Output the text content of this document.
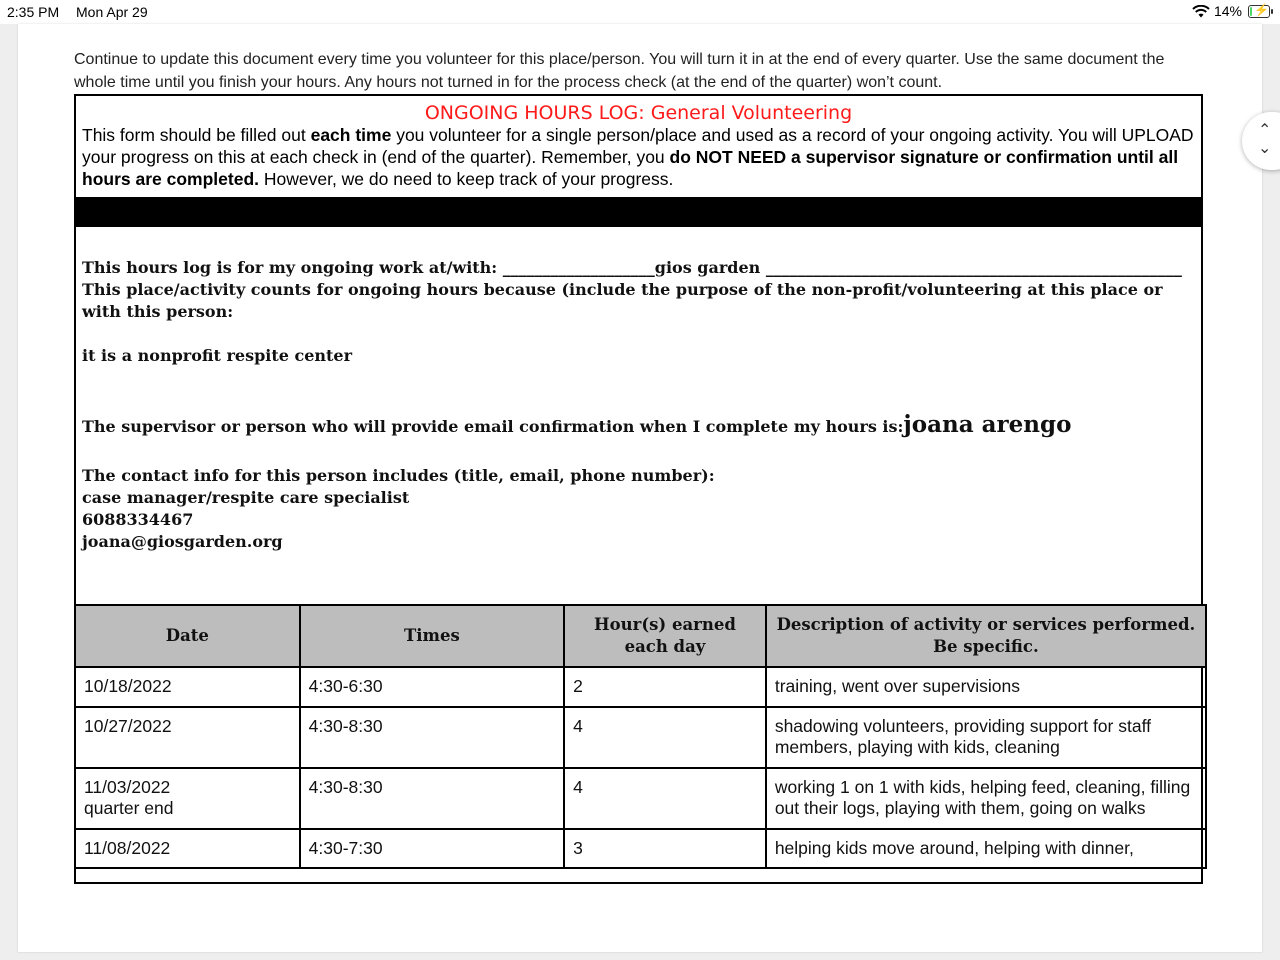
2:35 PM Mon Apr 29	14% ⚡
Continue to update this document every time you volunteer for this place/person. You will turn it in at the end of every quarter. Use the same document the whole time until you finish your hours. Any hours not turned in for the process check (at the end of the quarter) won’t count.
ONGOING HOURS LOG: General Volunteering
This form should be filled out each time you volunteer for a single person/place and used as a record of your ongoing activity. You will UPLOAD your progress on this at each check in (end of the quarter). Remember, you do NOT NEED a supervisor signature or confirmation until all hours are completed. However, we do need to keep track of your progress.
This hours log is for my ongoing work at/with: ___________________gios garden ____________________________________________________
This place/activity counts for ongoing hours because (include the purpose of the non-profit/volunteering at this place or with this person:
it is a nonprofit respite center
The supervisor or person who will provide email confirmation when I complete my hours is:joana arengo
The contact info for this person includes (title, email, phone number):
case manager/respite care specialist
6088334467
joana@giosgarden.org
Date	Times	Hour(s) earned each day	Description of activity or services performed. Be specific.
10/18/2022	4:30-6:30	2	training, went over supervisions
10/27/2022	4:30-8:30	4	shadowing volunteers, providing support for staff members, playing with kids, cleaning

11/03/2022
quarter end	4:30-8:30	4	working 1 on 1 with kids, helping feed, cleaning, filling out their logs, playing with them, going on walks
11/08/2022	4:30-7:30	3	helping kids move around, helping with dinner,
⌃
⌄
